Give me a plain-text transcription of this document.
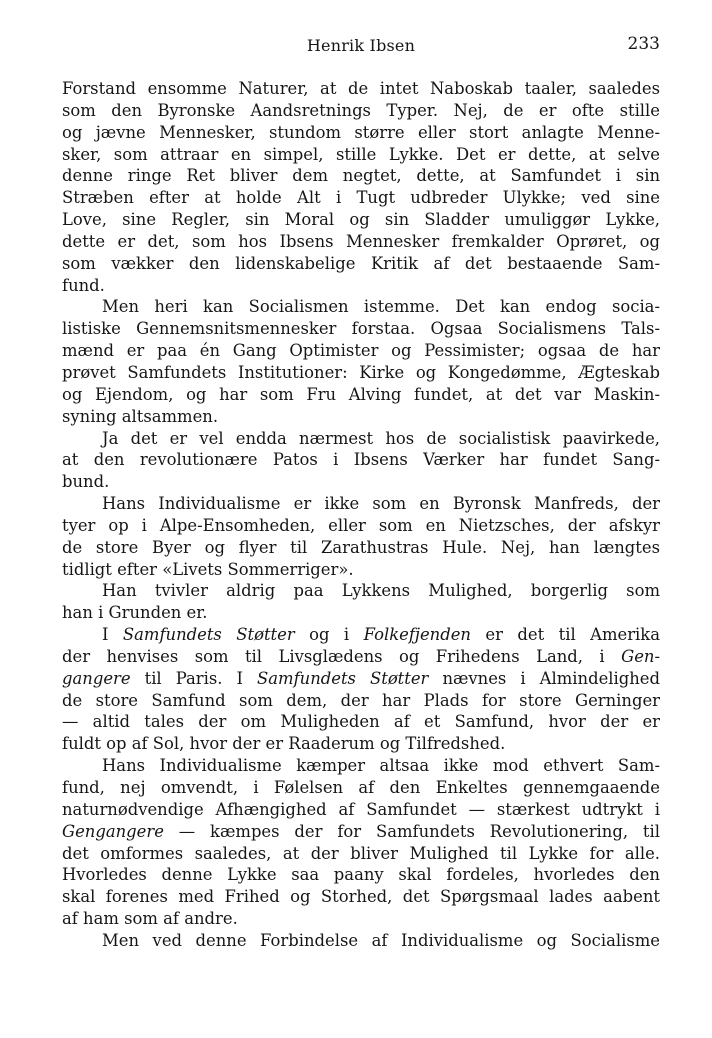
Henrik Ibsen	233
Forstand ensomme Naturer, at de intet Naboskab taaler, saaledes
som den Byronske Aandsretnings Typer. Nej, de er ofte stille
og jævne Mennesker, stundom større eller stort anlagte Menne-
sker, som attraar en simpel, stille Lykke. Det er dette, at selve
denne ringe Ret bliver dem negtet, dette, at Samfundet i sin
Stræben efter at holde Alt i Tugt udbreder Ulykke; ved sine
Love, sine Regler, sin Moral og sin Sladder umuliggør Lykke,
dette er det, som hos Ibsens Mennesker fremkalder Oprøret, og
som vækker den lidenskabelige Kritik af det bestaaende Sam-
fund.
Men heri kan Socialismen istemme. Det kan endog socia-
listiske Gennemsnitsmennesker forstaa. Ogsaa Socialismens Tals-
mænd er paa én Gang Optimister og Pessimister; ogsaa de har
prøvet Samfundets Institutioner: Kirke og Kongedømme, Ægteskab
og Ejendom, og har som Fru Alving fundet, at det var Maskin-
syning altsammen.
Ja det er vel endda nærmest hos de socialistisk paavirkede,
at den revolutionære Patos i Ibsens Værker har fundet Sang-
bund.
Hans Individualisme er ikke som en Byronsk Manfreds, der
tyer op i Alpe-Ensomheden, eller som en Nietzsches, der afskyr
de store Byer og flyer til Zarathustras Hule. Nej, han længtes
tidligt efter «Livets Sommerriger».
Han tvivler aldrig paa Lykkens Mulighed, borgerlig som
han i Grunden er.
I Samfundets Støtter og i Folkefjenden er det til Amerika
der henvises som til Livsglædens og Frihedens Land, i Gen-
gangere til Paris. I Samfundets Støtter nævnes i Almindelighed
de store Samfund som dem, der har Plads for store Gerninger
— altid tales der om Muligheden af et Samfund, hvor der er
fuldt op af Sol, hvor der er Raaderum og Tilfredshed.
Hans Individualisme kæmper altsaa ikke mod ethvert Sam-
fund, nej omvendt, i Følelsen af den Enkeltes gennemgaaende
naturnødvendige Afhængighed af Samfundet — stærkest udtrykt i
Gengangere — kæmpes der for Samfundets Revolutionering, til
det omformes saaledes, at der bliver Mulighed til Lykke for alle.
Hvorledes denne Lykke saa paany skal fordeles, hvorledes den
skal forenes med Frihed og Storhed, det Spørgsmaal lades aabent
af ham som af andre.
Men ved denne Forbindelse af Individualisme og Socialisme
